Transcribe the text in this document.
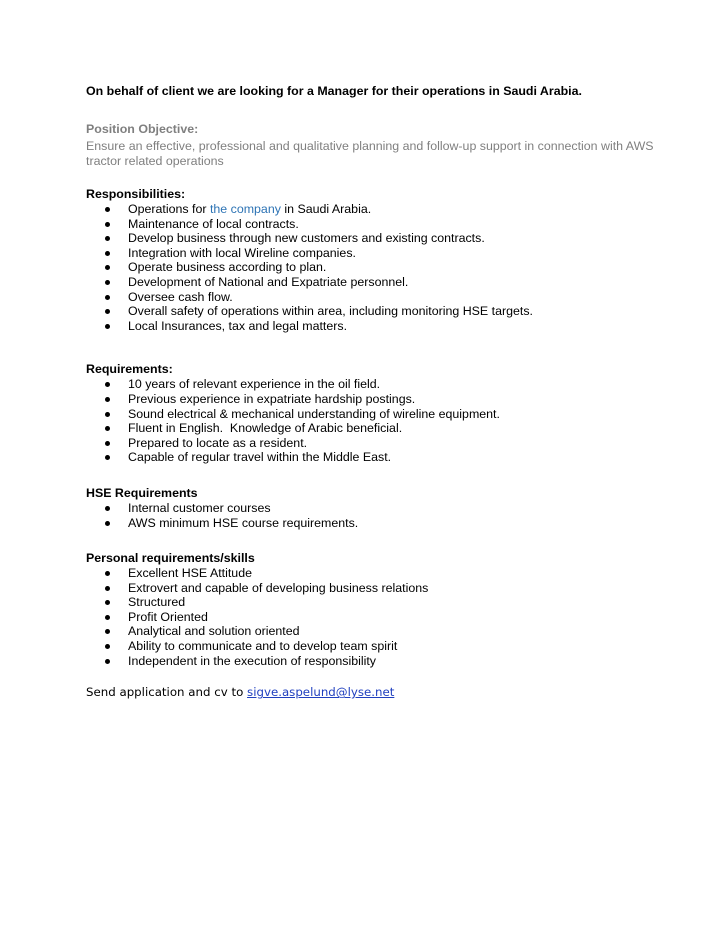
On behalf of client we are looking for a Manager for their operations in Saudi Arabia.

Position Objective:
Ensure an effective, professional and qualitative planning and follow-up support in connection with AWS tractor related operations
Responsibilities:
Operations for the company in Saudi Arabia.
Maintenance of local contracts.
Develop business through new customers and existing contracts.
Integration with local Wireline companies.
Operate business according to plan.
Development of National and Expatriate personnel.
Oversee cash flow.
Overall safety of operations within area, including monitoring HSE targets.
Local Insurances, tax and legal matters.
Requirements:
10 years of relevant experience in the oil field.
Previous experience in expatriate hardship postings.
Sound electrical & mechanical understanding of wireline equipment.
Fluent in English.  Knowledge of Arabic beneficial.
Prepared to locate as a resident.
Capable of regular travel within the Middle East.
HSE Requirements
Internal customer courses
AWS minimum HSE course requirements.
Personal requirements/skills
Excellent HSE Attitude
Extrovert and capable of developing business relations
Structured
Profit Oriented
Analytical and solution oriented
Ability to communicate and to develop team spirit
Independent in the execution of responsibility
Send application and cv to sigve.aspelund@lyse.net
